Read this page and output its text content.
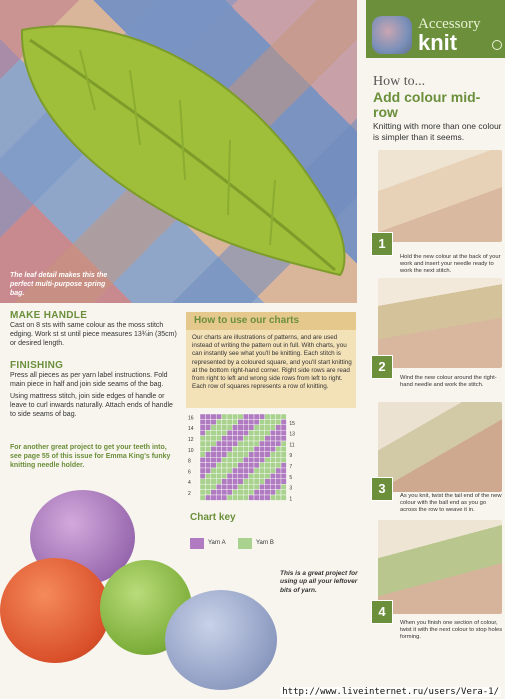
The leaf detail makes this the perfect multi-purpose spring bag.
Accessory
knit
How to...
Add colour mid-row
Knitting with more than one colour is simpler than it seems.
1
Hold the new colour at the back of your work and insert your needle ready to work the next stitch.
2
Wind the new colour around the right-hand needle and work the stitch.
3	As you knit, twist the tail end of the new colour with the ball end as you go across the row to weave it in.
4
When you finish one section of colour, twist it with the next colour to stop holes forming.
MAKE HANDLE
Cast on 8 sts with same colour as the moss stitch edging. Work st st until piece measures 13¾in (35cm) or desired length.
FINISHING
Press all pieces as per yarn label instructions. Fold main piece in half and join side seams of the bag.
Using mattress stitch, join side edges of handle or leave to curl inwards naturally. Attach ends of handle to side seams of bag.
For another great project to get your teeth into, see page 55 of this issue for Emma King's funky knitting needle holder.
How to use our charts
Our charts are illustrations of patterns, and are used instead of writing the pattern out in full. With charts, you can instantly see what you'll be knitting. Each stitch is represented by a coloured square, and you'll start knitting at the bottom right-hand corner. Right side rows are read from right to left and wrong side rows from left to right. Each row of squares represents a row of knitting.
16
14
12
10
8
6
4
2
15
13
11
9
7
5
3
1
Chart key
Yarn A	Yarn B
This is a great project for using up all your leftover bits of yarn.
http://www.liveinternet.ru/users/Vera-1/
